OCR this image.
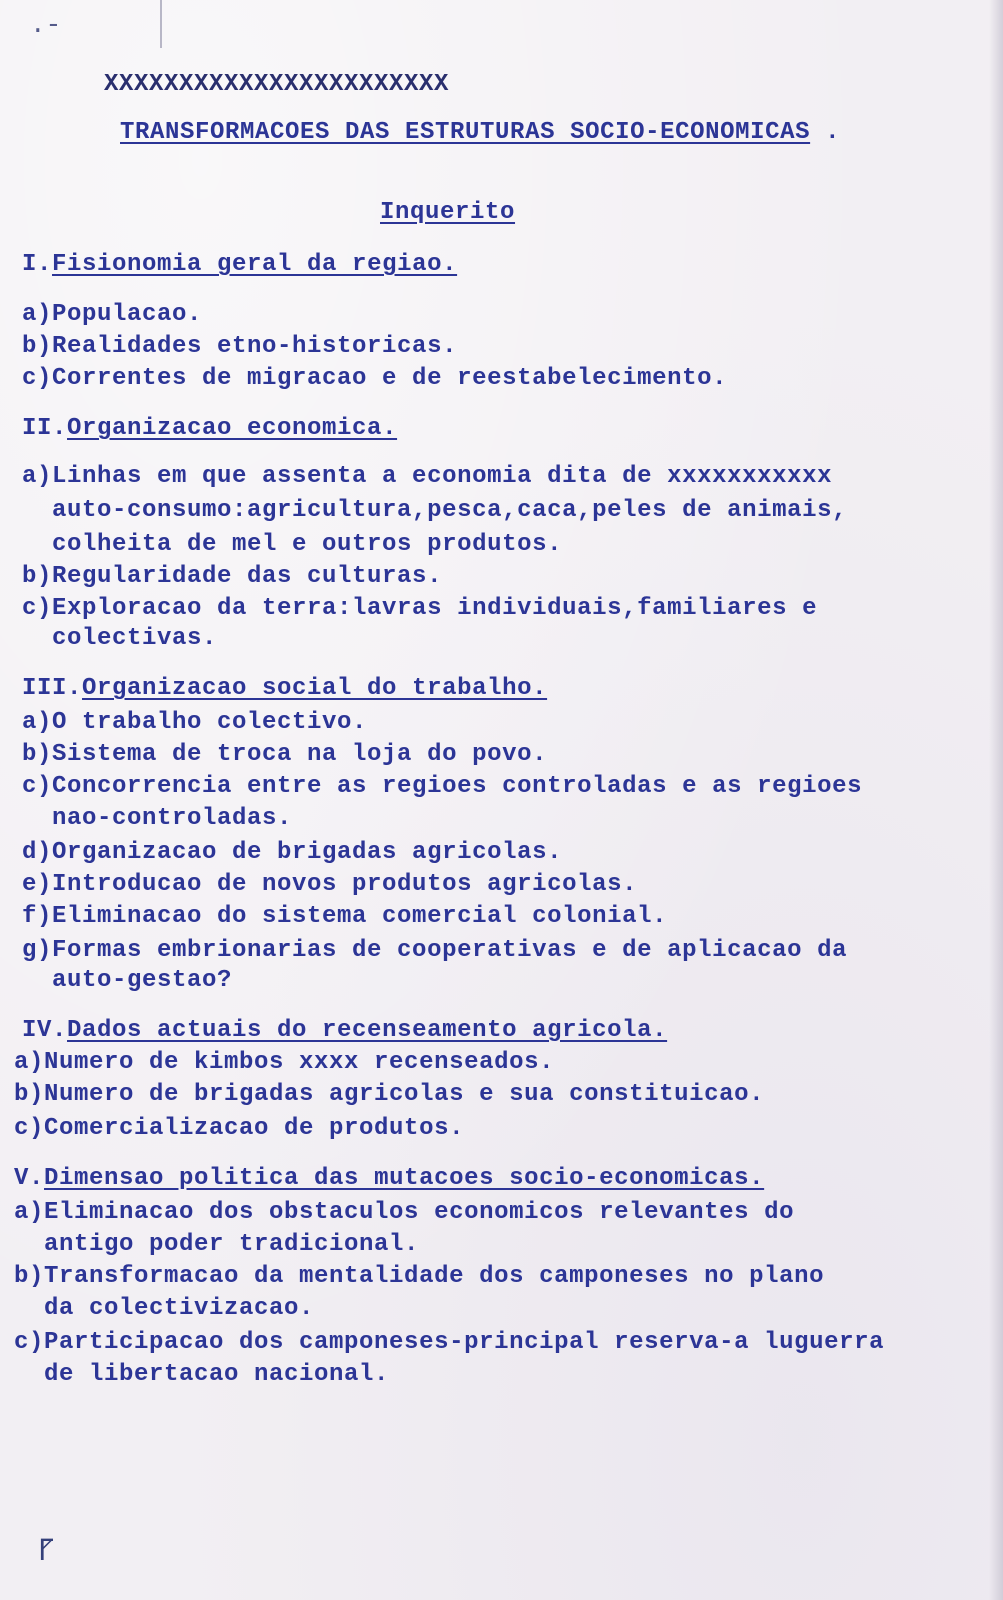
.-
⹍
XXXXXXXXXXXXXXXXXXXXXXX
TRANSFORMACOES DAS ESTRUTURAS SOCIO-ECONOMICAS .
Inquerito
I.Fisionomia geral da regiao.
a)Populacao.
b)Realidades etno-historicas.
c)Correntes de migracao e de reestabelecimento.
II.Organizacao economica.
a)Linhas em que assenta a economia dita de xxxxxxxxxxx
auto-consumo:agricultura,pesca,caca,peles de animais,
colheita de mel e outros produtos.
b)Regularidade das culturas.
c)Exploracao da terra:lavras individuais,familiares e
colectivas.
III.Organizacao social do trabalho.
a)O trabalho colectivo.
b)Sistema de troca na loja do povo.
c)Concorrencia entre as regioes controladas e as regioes
nao-controladas.
d)Organizacao de brigadas agricolas.
e)Introducao de novos produtos agricolas.
f)Eliminacao do sistema comercial colonial.
g)Formas embrionarias de cooperativas e de aplicacao da
auto-gestao?
IV.Dados actuais do recenseamento agricola.
a)Numero de kimbos xxxx recenseados.
b)Numero de brigadas agricolas e sua constituicao.
c)Comercializacao de produtos.
V.Dimensao politica das mutacoes socio-economicas.
a)Eliminacao dos obstaculos economicos relevantes do
antigo poder tradicional.
b)Transformacao da mentalidade dos camponeses no plano
da colectivizacao.
c)Participacao dos camponeses-principal reserva-a luguerra
de libertacao nacional.
